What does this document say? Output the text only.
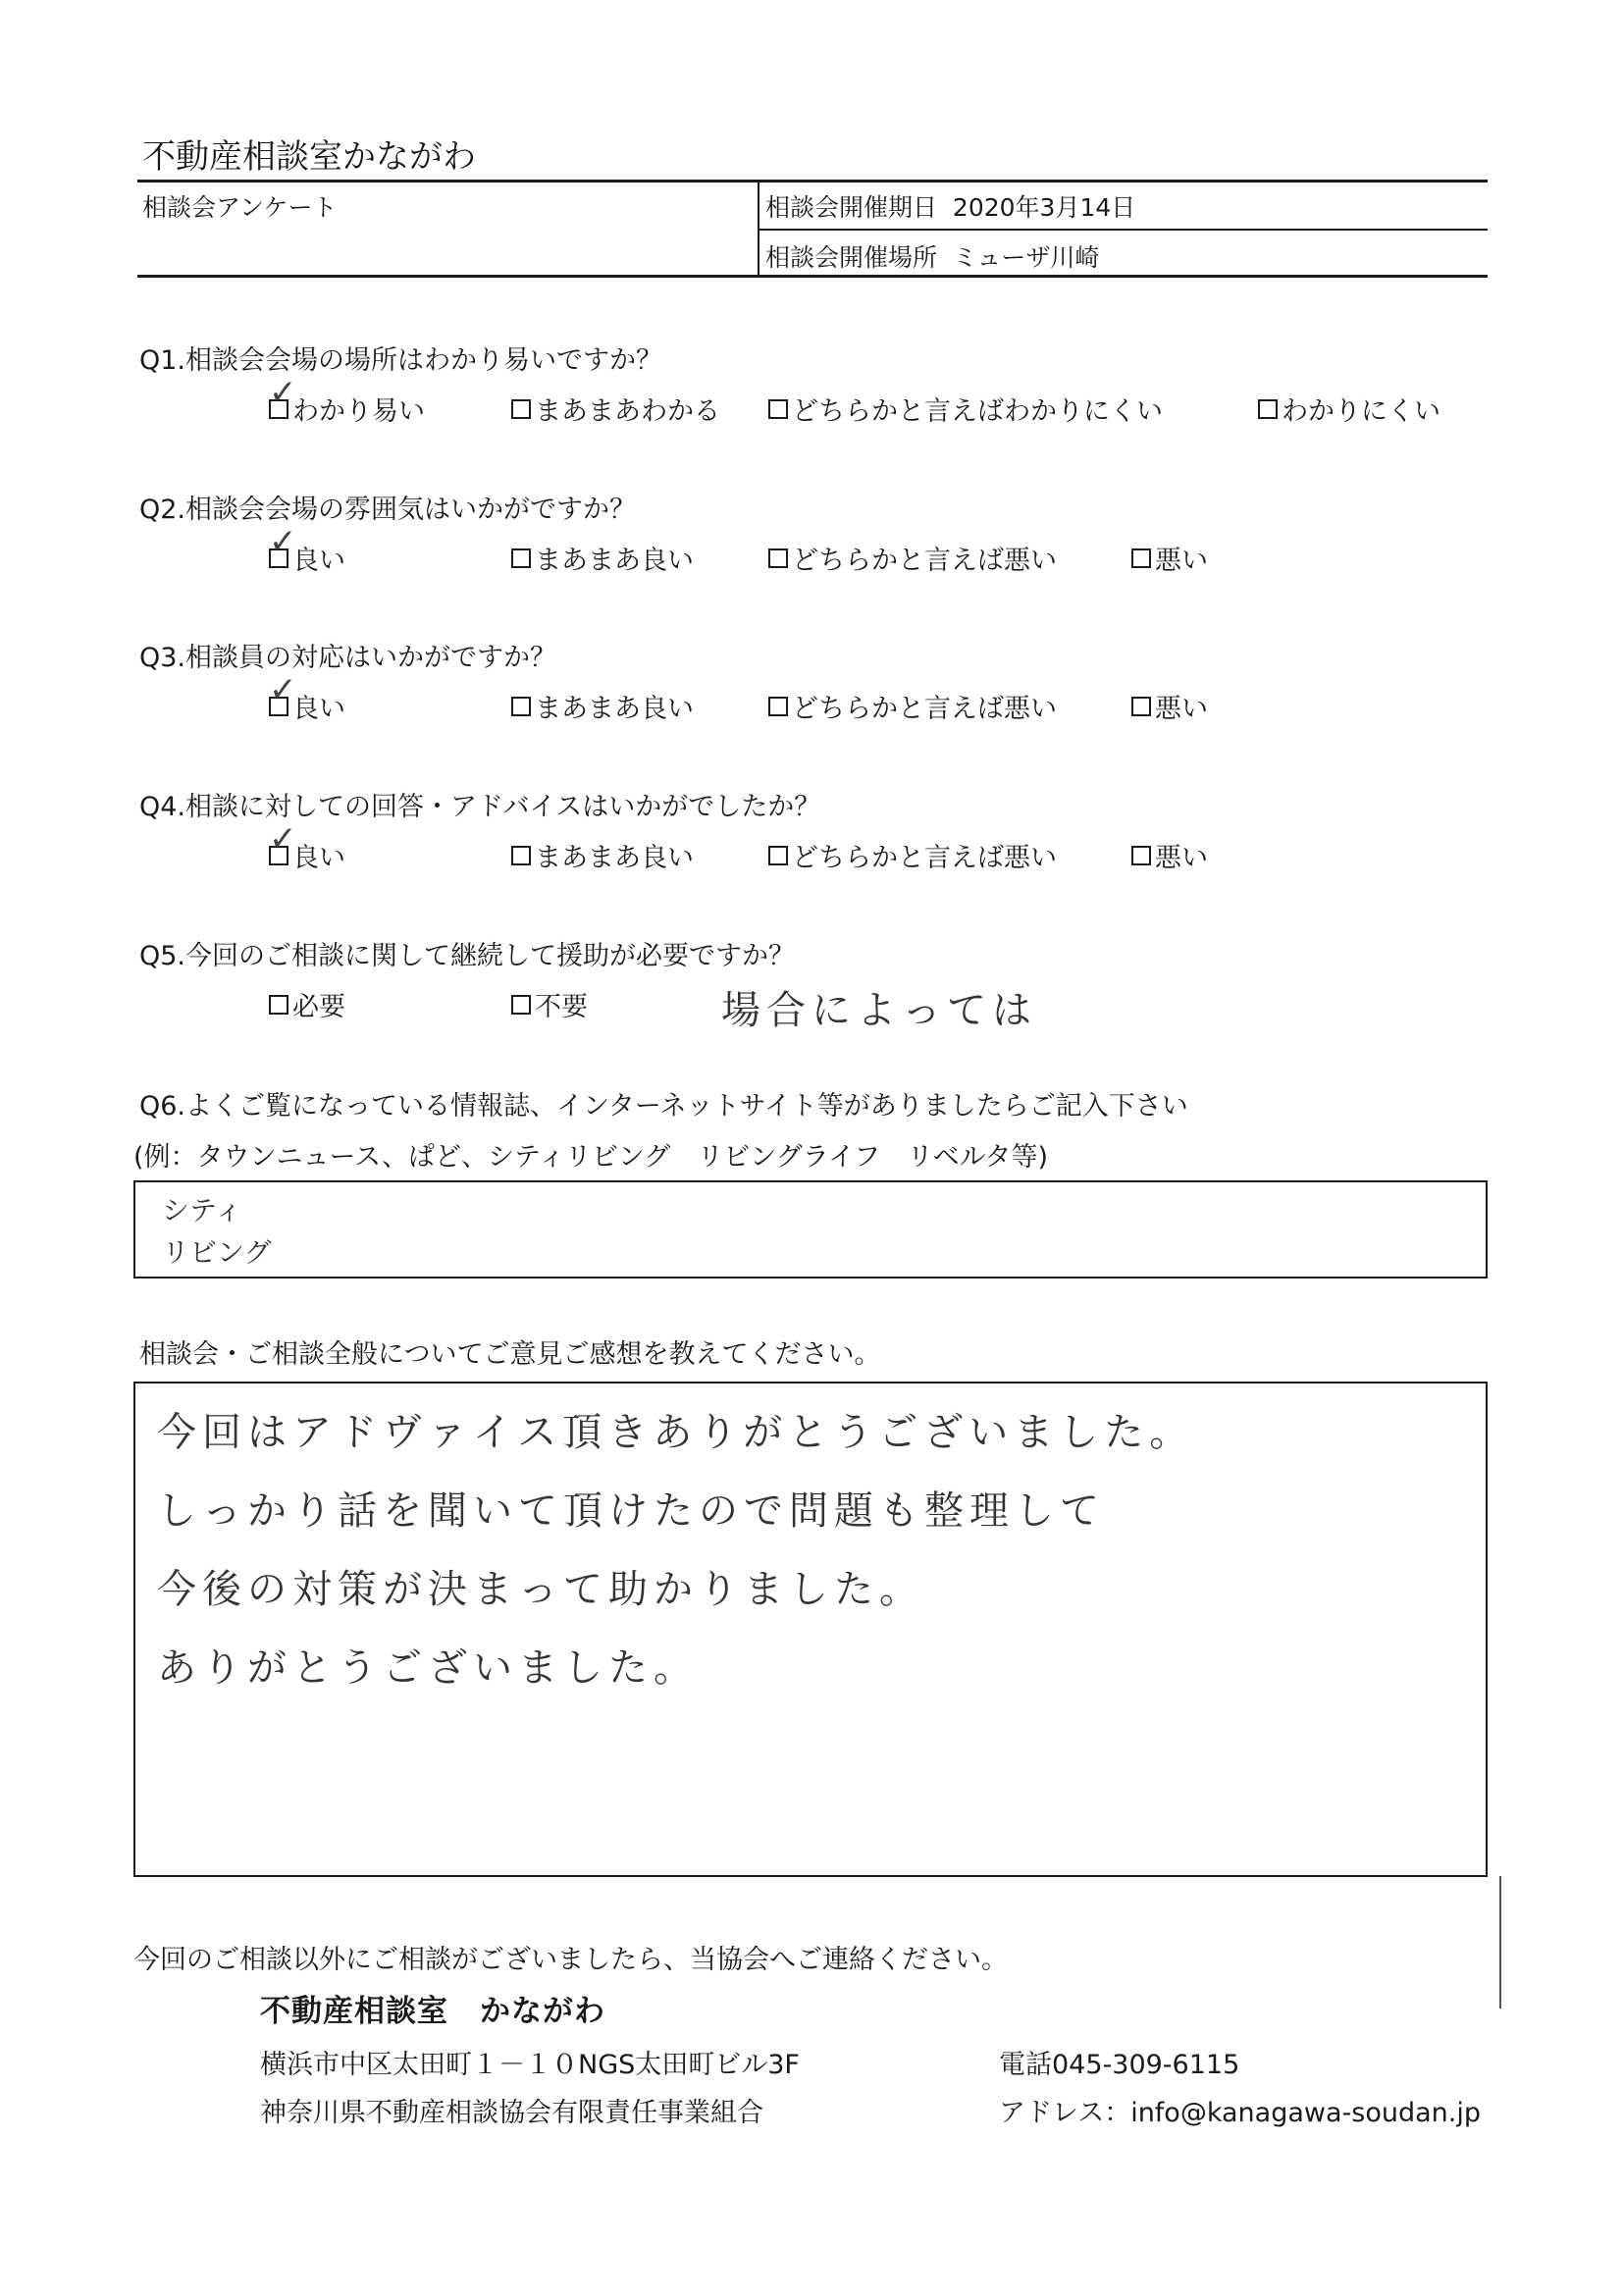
不動産相談室かながわ
相談会アンケート	相談会開催期日 2020年3月14日
相談会開催場所 ミューザ川崎
Q1.相談会会場の場所はわかり易いですか？
✓
わかり易い	まあまあわかる	どちらかと言えばわかりにくい	わかりにくい
Q2.相談会会場の雰囲気はいかがですか？
✓
良い	まあまあ良い	どちらかと言えば悪い	悪い
Q3.相談員の対応はいかがですか？
✓
良い	まあまあ良い	どちらかと言えば悪い	悪い
Q4.相談に対しての回答・アドバイスはいかがでしたか？
✓
良い	まあまあ良い	どちらかと言えば悪い	悪い
Q5.今回のご相談に関して継続して援助が必要ですか？
必要	不要	場合によっては
Q6.よくご覧になっている情報誌、インターネットサイト等がありましたらご記入下さい
(例：タウンニュース、ぱど、シティリビング　リビングライフ　リベルタ等)
シティ
リビング
相談会・ご相談全般についてご意見ご感想を教えてください。
今回はアドヴァイス頂きありがとうございました。
しっかり話を聞いて頂けたので問題も整理して
今後の対策が決まって助かりました。
ありがとうございました。
今回のご相談以外にご相談がございましたら、当協会へご連絡ください。
不動産相談室　かながわ
横浜市中区太田町１－１０NGS太田町ビル3F	電話045-309-6115
神奈川県不動産相談協会有限責任事業組合	アドレス：info@kanagawa-soudan.jp
